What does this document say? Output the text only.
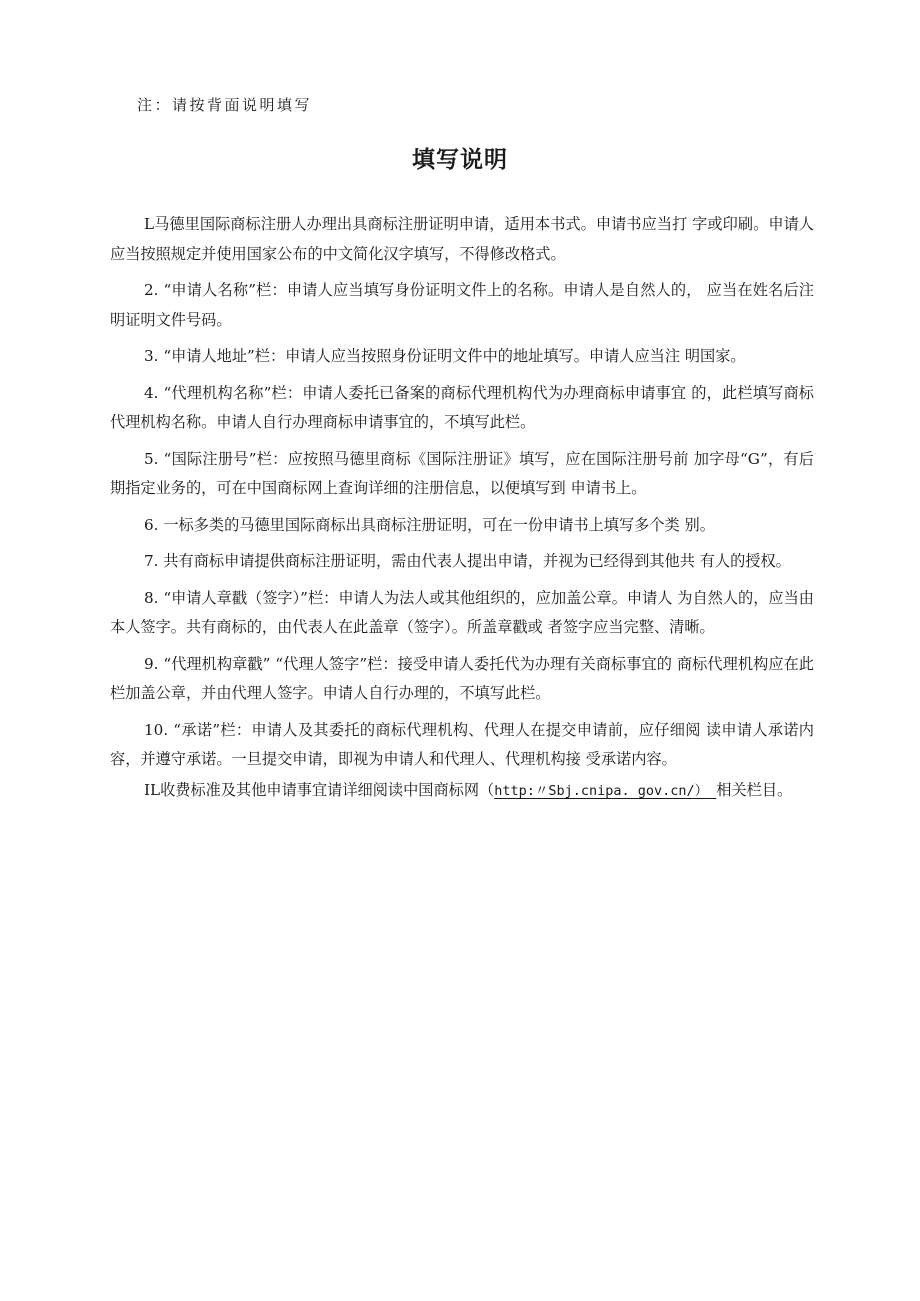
注：请按背面说明填写
填写说明

L马德里国际商标注册人办理出具商标注册证明申请，适用本书式。申请书应当打 字或印刷。申请人应当按照规定并使用国家公布的中文简化汉字填写，不得修改格式。

2. “申请人名称”栏：申请人应当填写身份证明文件上的名称。申请人是自然人的， 应当在姓名后注明证明文件号码。

3. “申请人地址”栏：申请人应当按照身份证明文件中的地址填写。申请人应当注 明国家。

4. “代理机构名称”栏：申请人委托已备案的商标代理机构代为办理商标申请事宜 的，此栏填写商标代理机构名称。申请人自行办理商标申请事宜的，不填写此栏。

5. “国际注册号”栏：应按照马德里商标《国际注册证》填写，应在国际注册号前 加字母“G”，有后期指定业务的，可在中国商标网上查询详细的注册信息，以便填写到 申请书上。

6. 一标多类的马德里国际商标出具商标注册证明，可在一份申请书上填写多个类 别。

7. 共有商标申请提供商标注册证明，需由代表人提出申请，并视为已经得到其他共 有人的授权。

8. “申请人章戳（签字）”栏：申请人为法人或其他组织的，应加盖公章。申请人 为自然人的，应当由本人签字。共有商标的，由代表人在此盖章（签字）。所盖章戳或 者签字应当完整、清晰。

9. “代理机构章戳” “代理人签字”栏：接受申请人委托代为办理有关商标事宜的 商标代理机构应在此栏加盖公章，并由代理人签字。申请人自行办理的，不填写此栏。

10. “承诺”栏：申请人及其委托的商标代理机构、代理人在提交申请前，应仔细阅 读申请人承诺内容，并遵守承诺。一旦提交申请，即视为申请人和代理人、代理机构接 受承诺内容。

IL收费标准及其他申请事宜请详细阅读中国商标网（http:〃Sbj.cnipa. gov.cn/） 相关栏目。
